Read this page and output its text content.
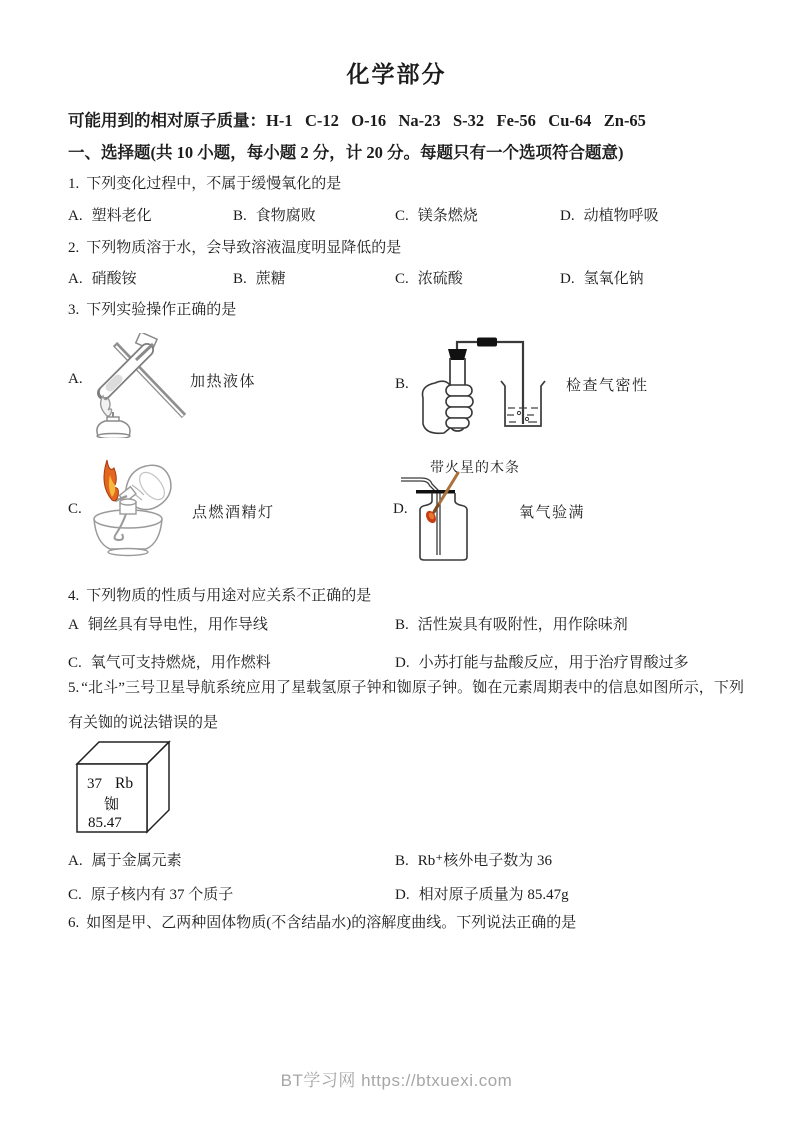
化学部分
可能用到的相对原子质量：H-1   C-12   O-16   Na-23   S-32   Fe-56   Cu-64   Zn-65
一、选择题(共 10 小题，每小题 2 分，计 20 分。每题只有一个选项符合题意)
1. 下列变化过程中，不属于缓慢氧化的是
A. 塑料老化	B. 食物腐败	C. 镁条燃烧	D. 动植物呼吸
2. 下列物质溶于水，会导致溶液温度明显降低的是
A. 硝酸铵	B. 蔗糖	C. 浓硫酸	D. 氢氧化钠
3. 下列实验操作正确的是
A.	加热液体	B.	检查气密性
C.	点燃酒精灯
带火星的木条
D.	氧气验满
4. 下列物质的性质与用途对应关系不正确的是
A 铜丝具有导电性，用作导线	B. 活性炭具有吸附性，用作除味剂
C. 氧气可支持燃烧，用作燃料	D. 小苏打能与盐酸反应，用于治疗胃酸过多
5. “北斗”三号卫星导航系统应用了星载氢原子钟和铷原子钟。铷在元素周期表中的信息如图所示，下列有关铷的说法错误的是
37 Rb
铷
85.47
A. 属于金属元素	B. Rb⁺核外电子数为 36
C. 原子核内有 37 个质子	D. 相对原子质量为 85.47g
6. 如图是甲、乙两种固体物质(不含结晶水)的溶解度曲线。下列说法正确的是
BT学习网 https://btxuexi.com
